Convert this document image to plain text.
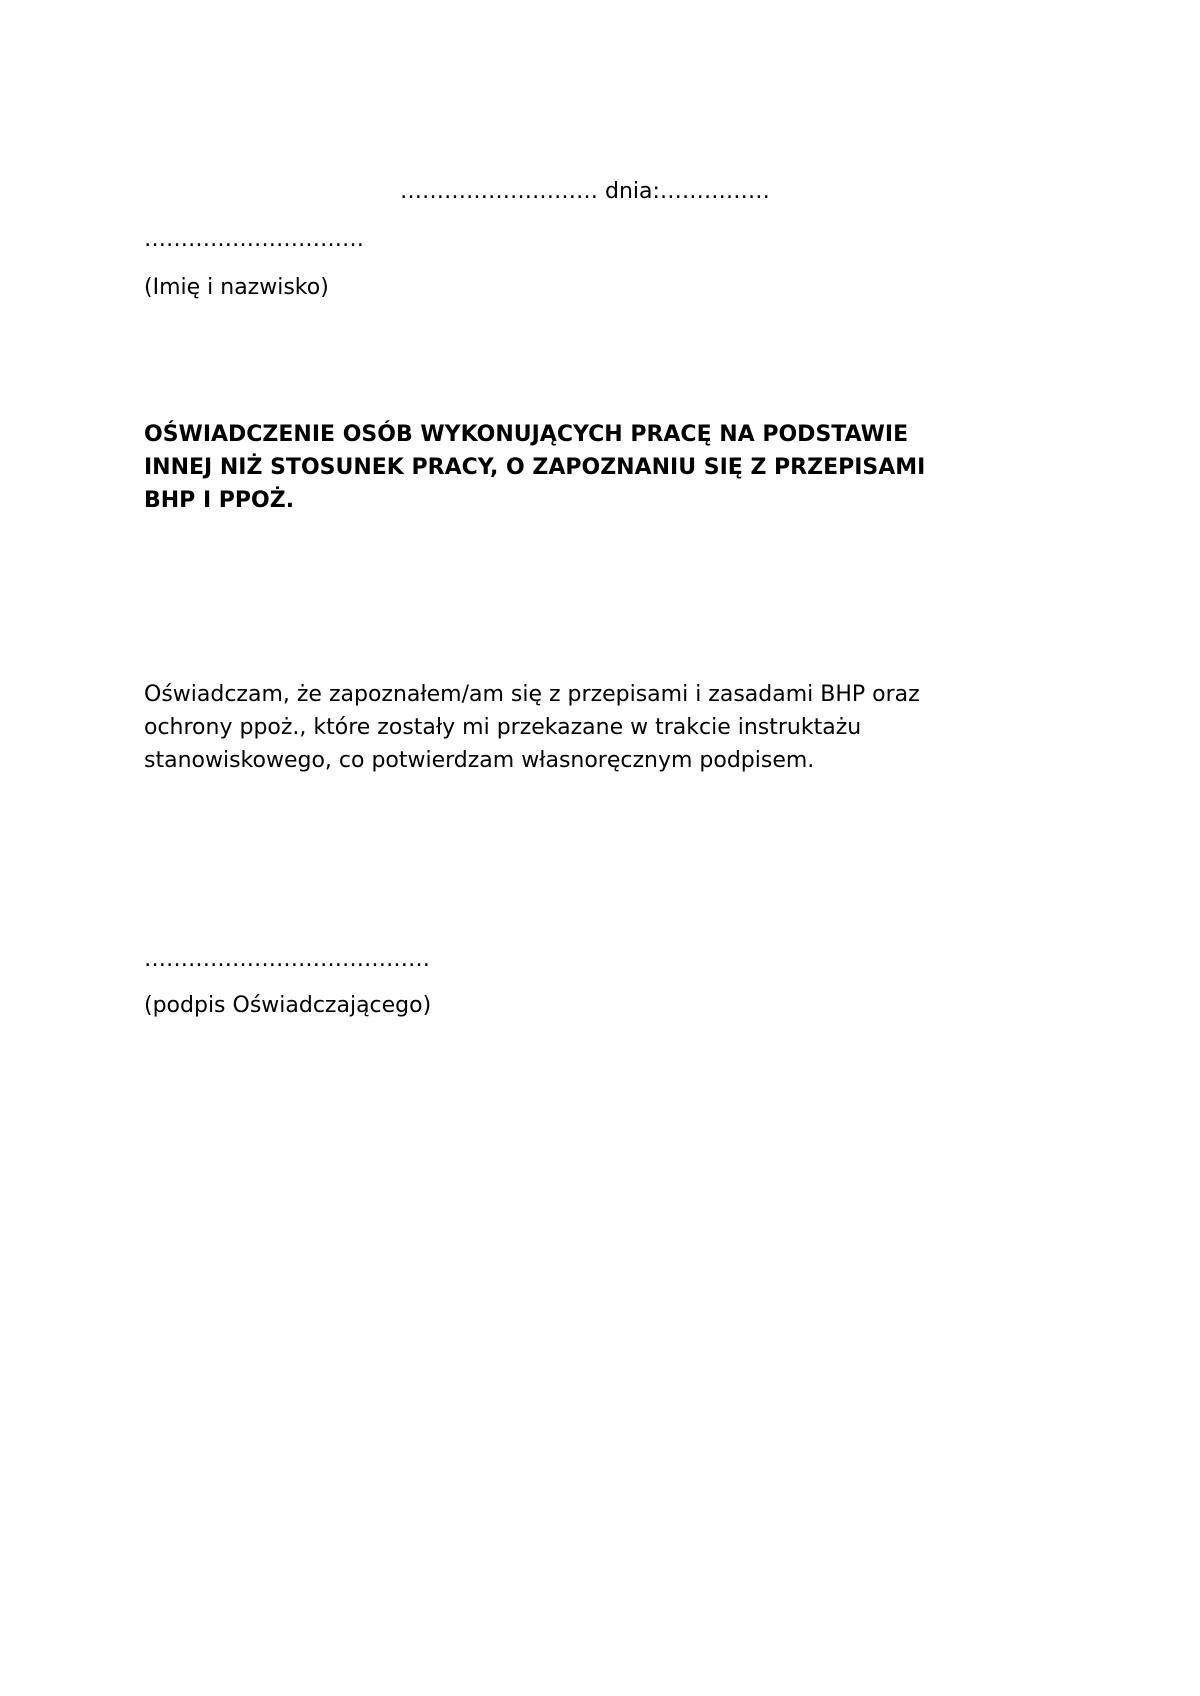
……………………… dnia:……………
…………………………
(Imię i nazwisko)
OŚWIADCZENIE OSÓB WYKONUJĄCYCH PRACĘ NA PODSTAWIE
INNEJ NIŻ STOSUNEK PRACY, O ZAPOZNANIU SIĘ Z PRZEPISAMI
BHP I PPOŻ.
Oświadczam, że zapoznałem/am się z przepisami i zasadami BHP oraz
ochrony ppoż., które zostały mi przekazane w trakcie instruktażu
stanowiskowego, co potwierdzam własnoręcznym podpisem.
…………………………………
(podpis Oświadczającego)
